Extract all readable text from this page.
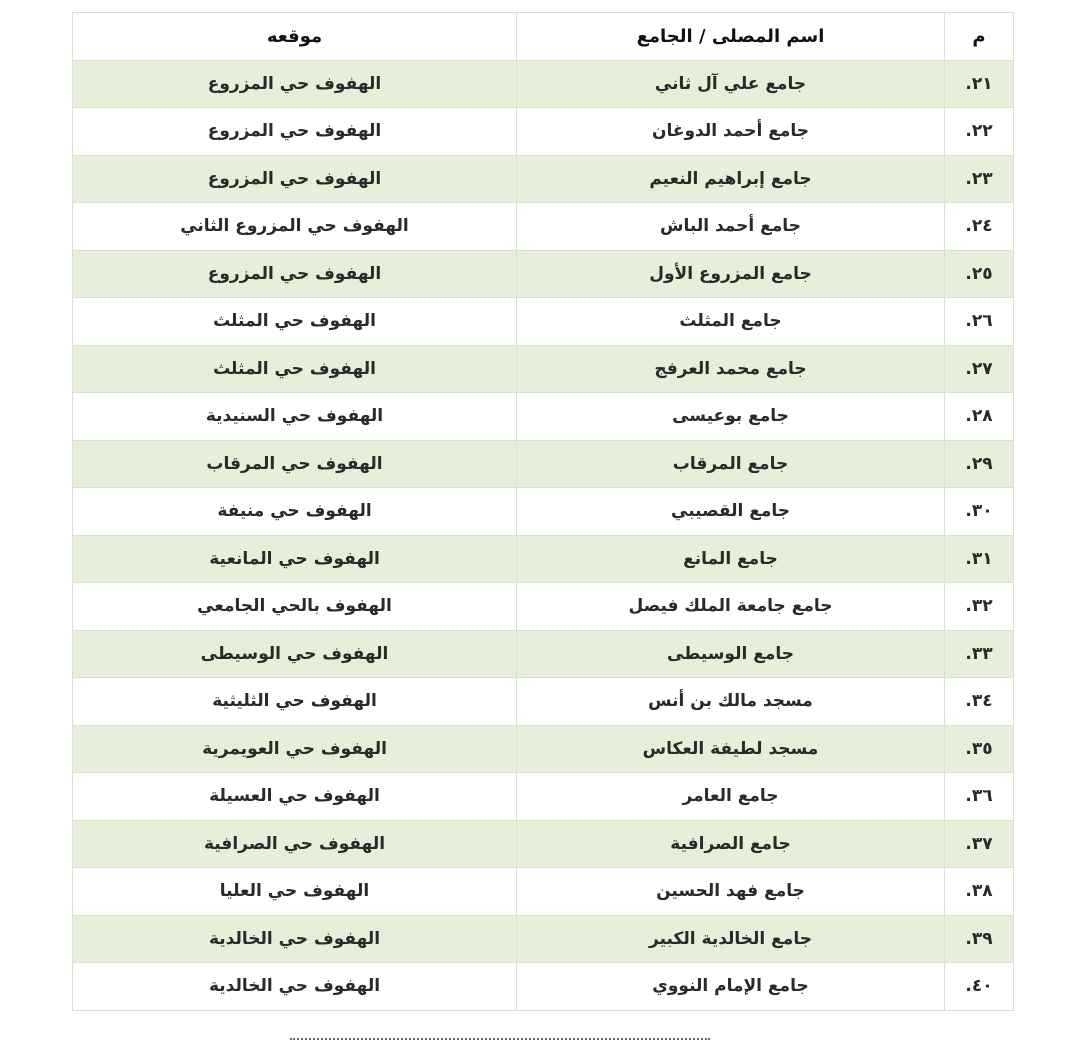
م	اسم المصلى / الجامع	موقعه
٢١.	جامع علي آل ثاني	الهفوف حي المزروع
٢٢.	جامع أحمد الدوغان	الهفوف حي المزروع
٢٣.	جامع إبراهيم النعيم	الهفوف حي المزروع
٢٤.	جامع أحمد الباش	الهفوف حي المزروع الثاني
٢٥.	جامع المزروع الأول	الهفوف حي المزروع
٢٦.	جامع المثلث	الهفوف حي المثلث
٢٧.	جامع محمد العرفج	الهفوف حي المثلث
٢٨.	جامع بوعيسى	الهفوف حي السنيدية
٢٩.	جامع المرقاب	الهفوف حي المرقاب
٣٠.	جامع القصيبي	الهفوف حي منيفة
٣١.	جامع المانع	الهفوف حي المانعية
٣٢.	جامع جامعة الملك فيصل	الهفوف بالحي الجامعي
٣٣.	جامع الوسيطى	الهفوف حي الوسيطى
٣٤.	مسجد مالك بن أنس	الهفوف حي الثليثية
٣٥.	مسجد لطيفة العكاس	الهفوف حي العويمرية
٣٦.	جامع العامر	الهفوف حي العسيلة
٣٧.	جامع الصرافية	الهفوف حي الصرافية
٣٨.	جامع فهد الحسين	الهفوف حي العليا
٣٩.	جامع الخالدية الكبير	الهفوف حي الخالدية
٤٠.	جامع الإمام النووي	الهفوف حي الخالدية
